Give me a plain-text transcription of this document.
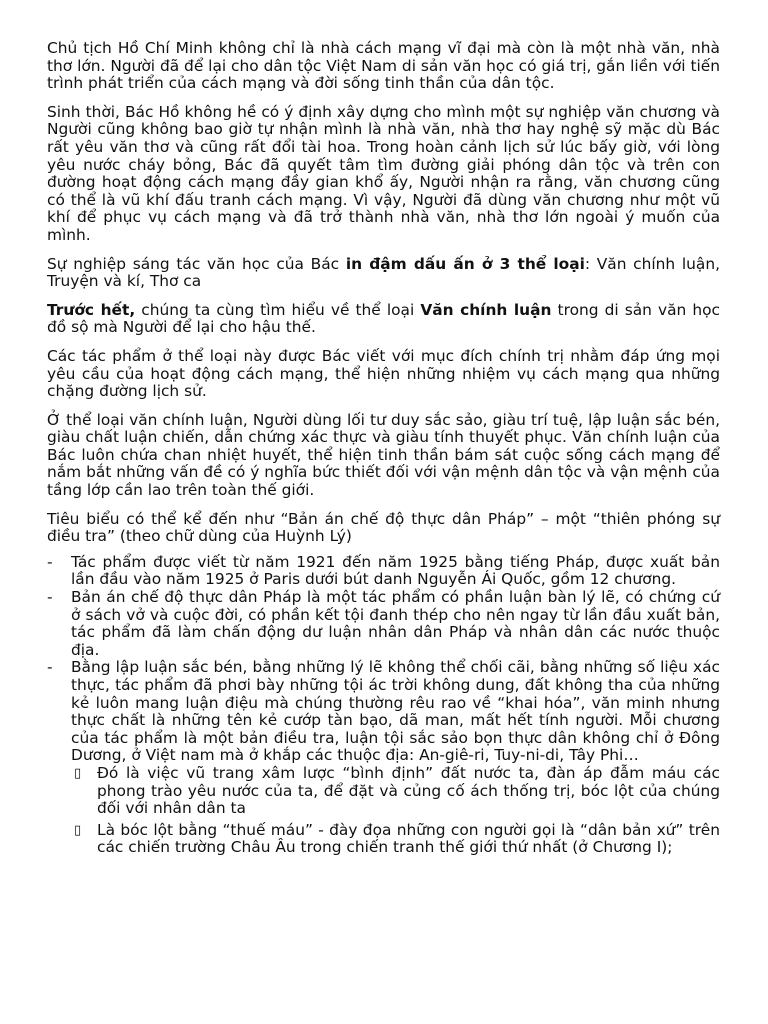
Chủ tịch Hồ Chí Minh không chỉ là nhà cách mạng vĩ đại mà còn là một nhà văn, nhà thơ lớn. Người đã để lại cho dân tộc Việt Nam di sản văn học có giá trị, gắn liền với tiến trình phát triển của cách mạng và đời sống tinh thần của dân tộc.

Sinh thời, Bác Hồ không hề có ý định xây dựng cho mình một sự nghiệp văn chương và Người cũng không bao giờ tự nhận mình là nhà văn, nhà thơ hay nghệ sỹ mặc dù Bác rất yêu văn thơ và cũng rất đổi tài hoa. Trong hoàn cảnh lịch sử lúc bấy giờ, với lòng yêu nước cháy bỏng, Bác đã quyết tâm tìm đường giải phóng dân tộc và trên con đường hoạt động cách mạng đầy gian khổ ấy, Người nhận ra rằng, văn chương cũng có thể là vũ khí đấu tranh cách mạng. Vì vậy, Người đã dùng văn chương như một vũ khí để phục vụ cách mạng và đã trở thành nhà văn, nhà thơ lớn ngoài ý muốn của mình.

Sự nghiệp sáng tác văn học của Bác in đậm dấu ấn ở 3 thể loại: Văn chính luận, Truyện và kí, Thơ ca

Trước hết, chúng ta cùng tìm hiểu về thể loại Văn chính luận trong di sản văn học đồ sộ mà Người để lại cho hậu thế.

Các tác phẩm ở thể loại này được Bác viết với mục đích chính trị nhằm đáp ứng mọi yêu cầu của hoạt động cách mạng, thể hiện những nhiệm vụ cách mạng qua những chặng đường lịch sử.

Ở thể loại văn chính luận, Người dùng lối tư duy sắc sảo, giàu trí tuệ, lập luận sắc bén, giàu chất luận chiến, dẫn chứng xác thực và giàu tính thuyết phục. Văn chính luận của Bác luôn chứa chan nhiệt huyết, thể hiện tinh thần bám sát cuộc sống cách mạng để nắm bắt những vấn đề có ý nghĩa bức thiết đối với vận mệnh dân tộc và vận mệnh của tầng lớp cần lao trên toàn thế giới.

Tiêu biểu có thể kể đến như “Bản án chế độ thực dân Pháp” – một “thiên phóng sự điều tra” (theo chữ dùng của Huỳnh Lý)

-	Tác phẩm được viết từ năm 1921 đến năm 1925 bằng tiếng Pháp, được xuất bản lần đầu vào năm 1925 ở Paris dưới bút danh Nguyễn Ái Quốc, gồm 12 chương.
-	Bản án chế độ thực dân Pháp là một tác phẩm có phần luận bàn lý lẽ, có chứng cứ ở sách vở và cuộc đời, có phần kết tội đanh thép cho nên ngay từ lần đầu xuất bản, tác phẩm đã làm chấn động dư luận nhân dân Pháp và nhân dân các nước thuộc địa.
-	Bằng lập luận sắc bén, bằng những lý lẽ không thể chối cãi, bằng những số liệu xác thực, tác phẩm đã phơi bày những tội ác trời không dung, đất không tha của những kẻ luôn mang luận điệu mà chúng thường rêu rao về “khai hóa”, văn minh nhưng thực chất là những tên kẻ cướp tàn bạo, dã man, mất hết tính người. Mỗi chương của tác phẩm là một bản điều tra, luận tội sắc sảo bọn thực dân không chỉ ở Đông Dương, ở Việt nam mà ở khắp các thuộc địa: An-giê-ri, Tuy-ni-di, Tây Phi…
▯	Đó là việc vũ trang xâm lược “bình định” đất nước ta, đàn áp đẫm máu các phong trào yêu nước của ta, để đặt và củng cố ách thống trị, bóc lột của chúng đối với nhân dân ta
▯	Là bóc lột bằng “thuế máu” - đày đọa những con người gọi là “dân bản xứ” trên các chiến trường Châu Âu trong chiến tranh thế giới thứ nhất (ở Chương I);
